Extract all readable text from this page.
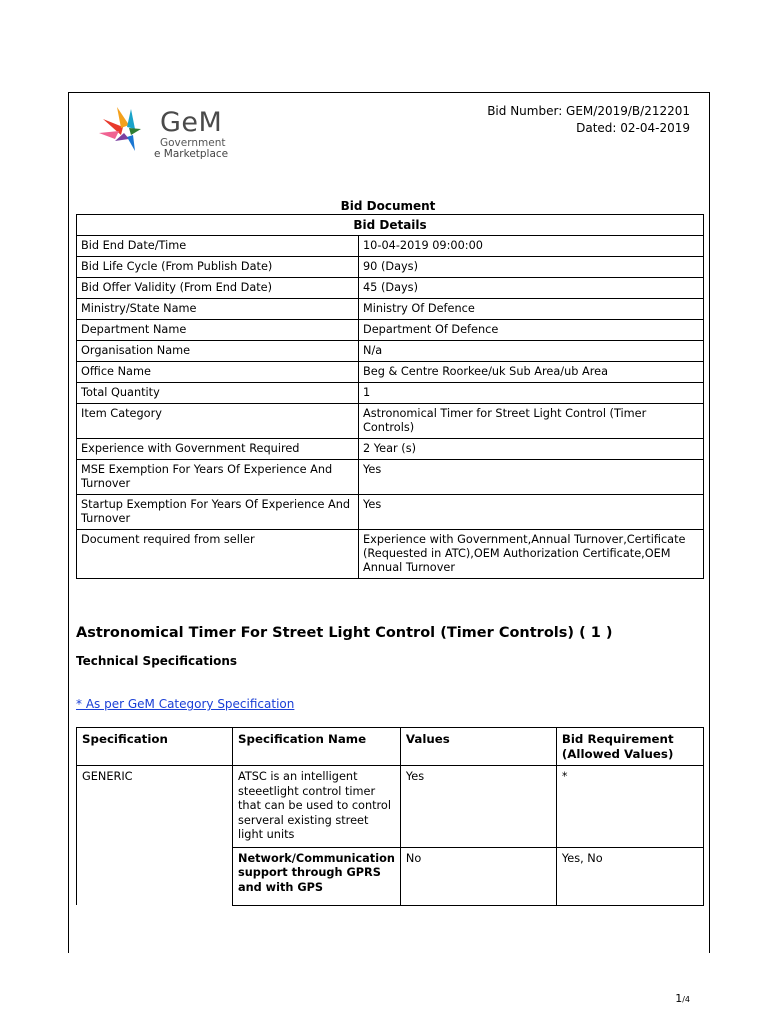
GeM
Government
e Marketplace
Bid Number: GEM/2019/B/212201
Dated: 02-04-2019
Bid Document
Bid Details	
Bid End Date/Time	10-04-2019 09:00:00
Bid Life Cycle (From Publish Date)	90 (Days)
Bid Offer Validity (From End Date)	45 (Days)
Ministry/State Name	Ministry Of Defence
Department Name	Department Of Defence
Organisation Name	N/a
Office Name	Beg & Centre Roorkee/uk Sub Area/ub Area
Total Quantity	1
Item Category	Astronomical Timer for Street Light Control (Timer Controls)
Experience with Government Required	2 Year (s)
MSE Exemption For Years Of Experience And Turnover	Yes
Startup Exemption For Years Of Experience And Turnover	Yes
Document required from seller	Experience with Government,Annual Turnover,Certificate (Requested in ATC),OEM Authorization Certificate,OEM Annual Turnover
Astronomical Timer For Street Light Control (Timer Controls) ( 1 )
Technical Specifications
* As per GeM Category Specification
Specification	Specification Name	Values	Bid Requirement (Allowed Values)
GENERIC	ATSC is an intelligent steeetlight control timer that can be used to control serveral existing street light units	Yes	*
	Network/Communication support through GPRS and with GPS	No	Yes, No
1/4
